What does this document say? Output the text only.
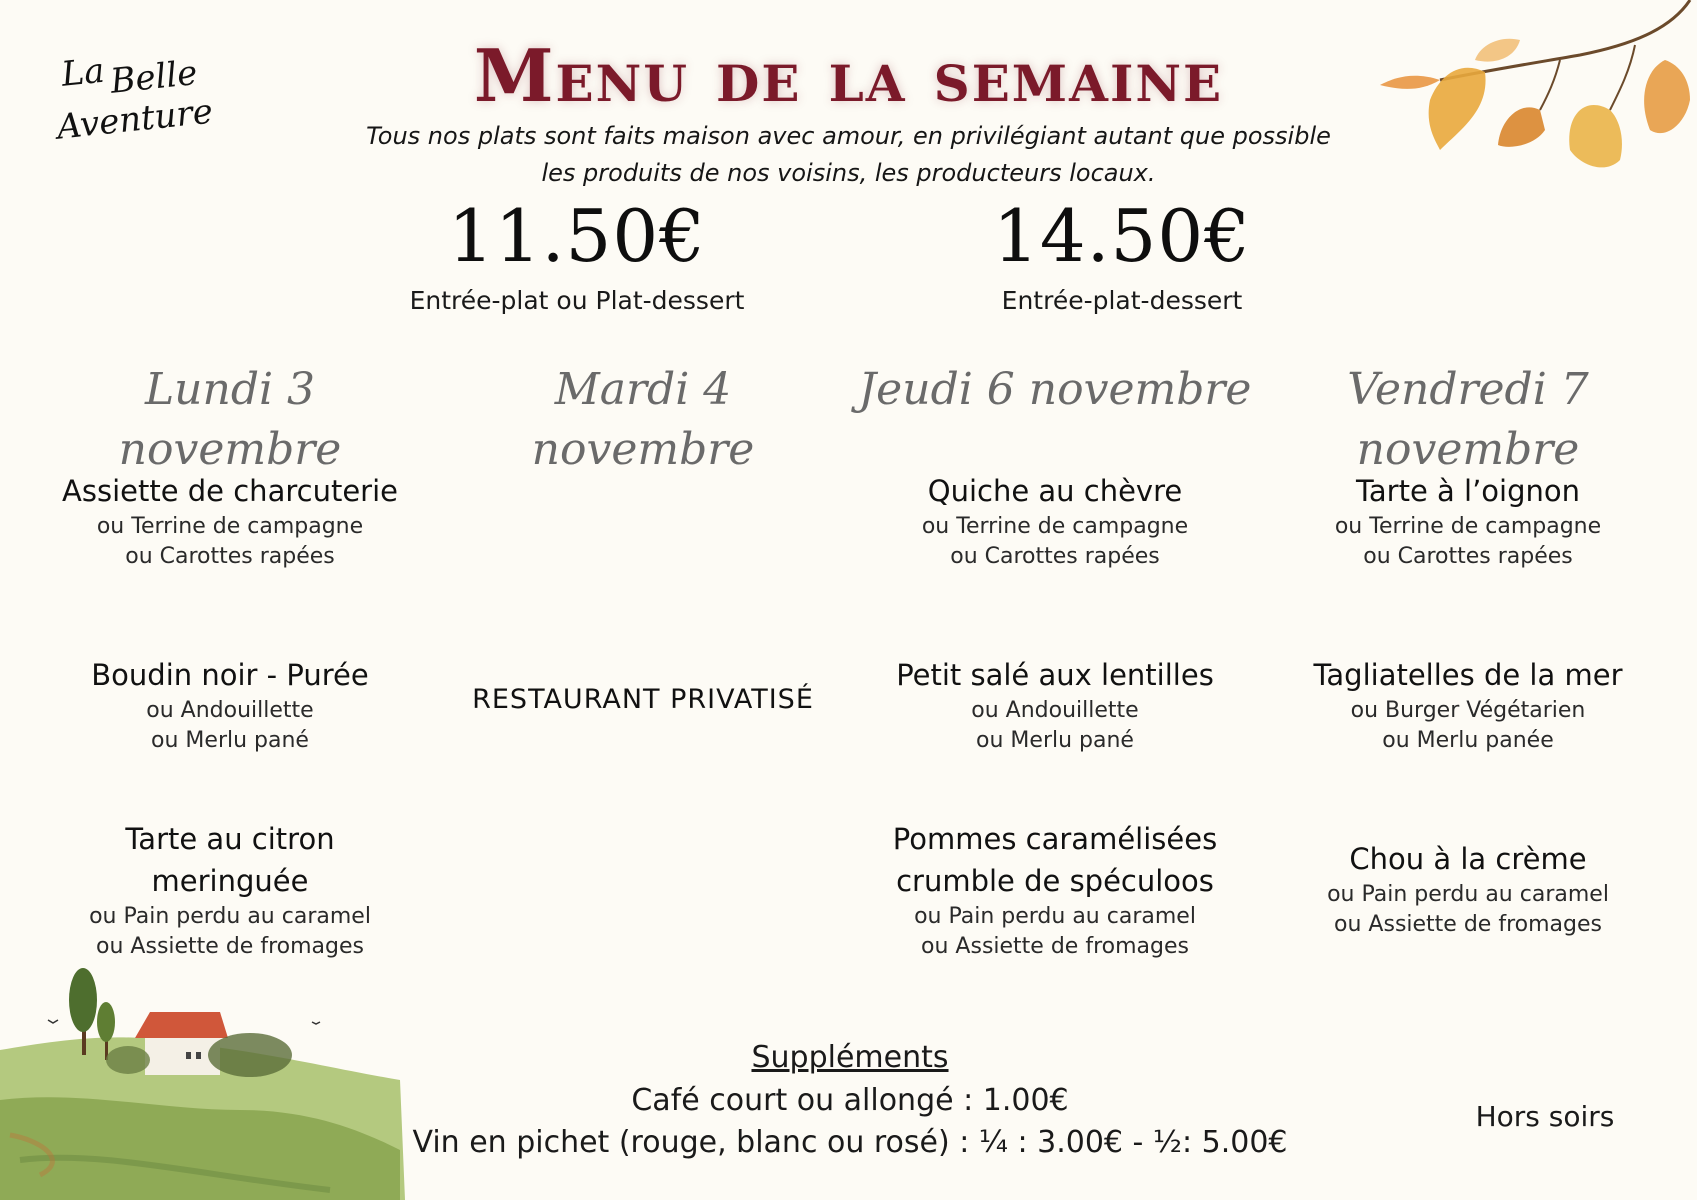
La Belle
Aventure
Menu de la semaine
Tous nos plats sont faits maison avec amour, en privilégiant autant que possible
les produits de nos voisins, les producteurs locaux.
11.50€
Entrée-plat ou Plat-dessert
14.50€
Entrée-plat-dessert
Lundi 3 novembre
Assiette de charcuterie
ou Terrine de campagne
ou Carottes rapées
Boudin noir - Purée
ou Andouillette
ou Merlu pané
Tarte au citron
meringuée
ou Pain perdu au caramel
ou Assiette de fromages
Mardi 4 novembre
RESTAURANT PRIVATISÉ
Jeudi 6 novembre
Quiche au chèvre
ou Terrine de campagne
ou Carottes rapées
Petit salé aux lentilles
ou Andouillette
ou Merlu pané
Pommes caramélisées
crumble de spéculoos
ou Pain perdu au caramel
ou Assiette de fromages
Vendredi 7 novembre
Tarte à l’oignon
ou Terrine de campagne
ou Carottes rapées
Tagliatelles de la mer
ou Burger Végétarien
ou Merlu panée
Chou à la crème
ou Pain perdu au caramel
ou Assiette de fromages
Suppléments
Café court ou allongé : 1.00€
Vin en pichet (rouge, blanc ou rosé) : ¼ : 3.00€ - ½: 5.00€
Hors soirs
